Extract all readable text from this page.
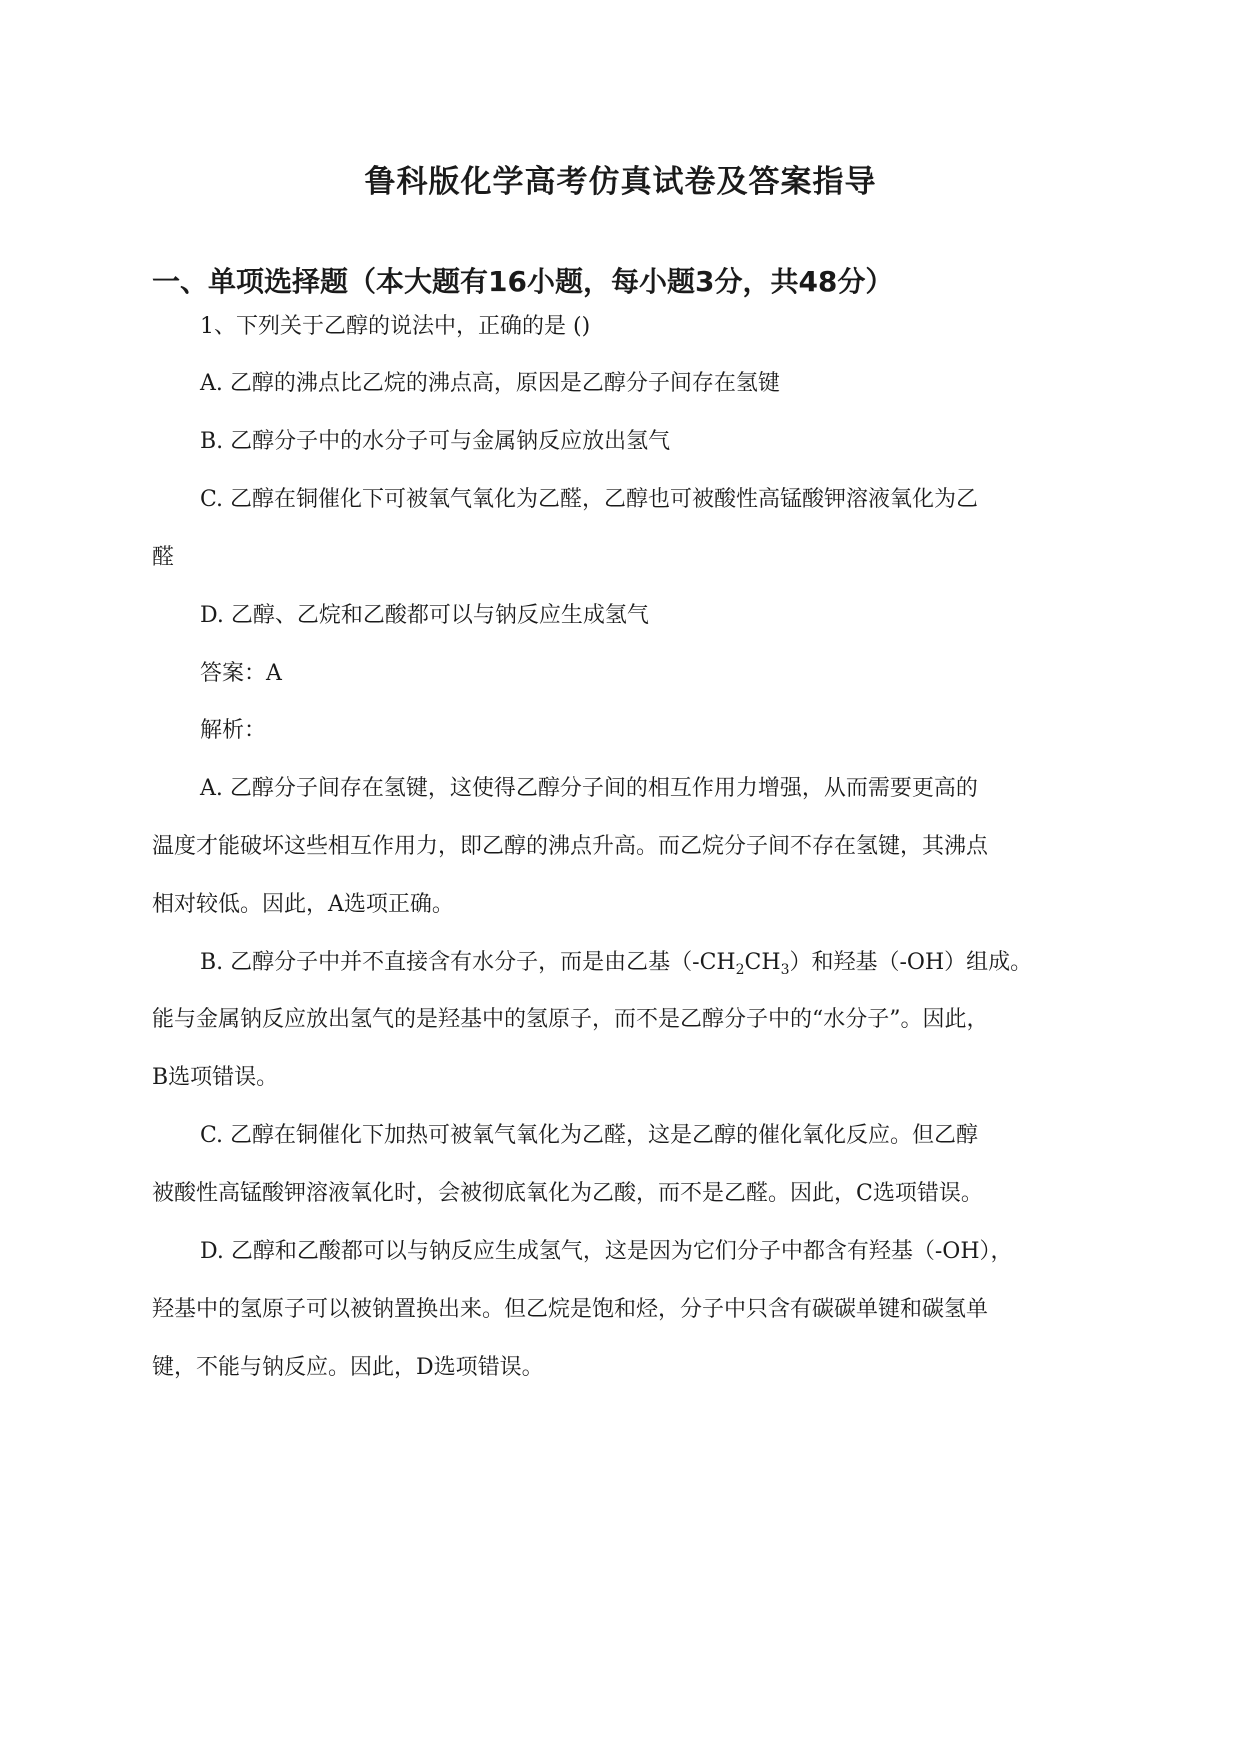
鲁科版化学高考仿真试卷及答案指导
一、单项选择题（本大题有16小题，每小题3分，共48分）

1、下列关于乙醇的说法中，正确的是 ()

A. 乙醇的沸点比乙烷的沸点高，原因是乙醇分子间存在氢键

B. 乙醇分子中的水分子可与金属钠反应放出氢气

C. 乙醇在铜催化下可被氧气氧化为乙醛，乙醇也可被酸性高锰酸钾溶液氧化为乙

醛

D. 乙醇、乙烷和乙酸都可以与钠反应生成氢气

答案：A

解析：

A. 乙醇分子间存在氢键，这使得乙醇分子间的相互作用力增强，从而需要更高的

温度才能破坏这些相互作用力，即乙醇的沸点升高。而乙烷分子间不存在氢键，其沸点

相对较低。因此，A选项正确。

B. 乙醇分子中并不直接含有水分子，而是由乙基$(-CH_2CH_3)$和羟基（-OH）组成。

能与金属钠反应放出氢气的是羟基中的氢原子，而不是乙醇分子中的“水分子”。因此，

B选项错误。

C. 乙醇在铜催化下加热可被氧气氧化为乙醛，这是乙醇的催化氧化反应。但乙醇

被酸性高锰酸钾溶液氧化时，会被彻底氧化为乙酸，而不是乙醛。因此，C选项错误。

D. 乙醇和乙酸都可以与钠反应生成氢气，这是因为它们分子中都含有羟基（-OH），

羟基中的氢原子可以被钠置换出来。但乙烷是饱和烃，分子中只含有碳碳单键和碳氢单

键，不能与钠反应。因此，D选项错误。
